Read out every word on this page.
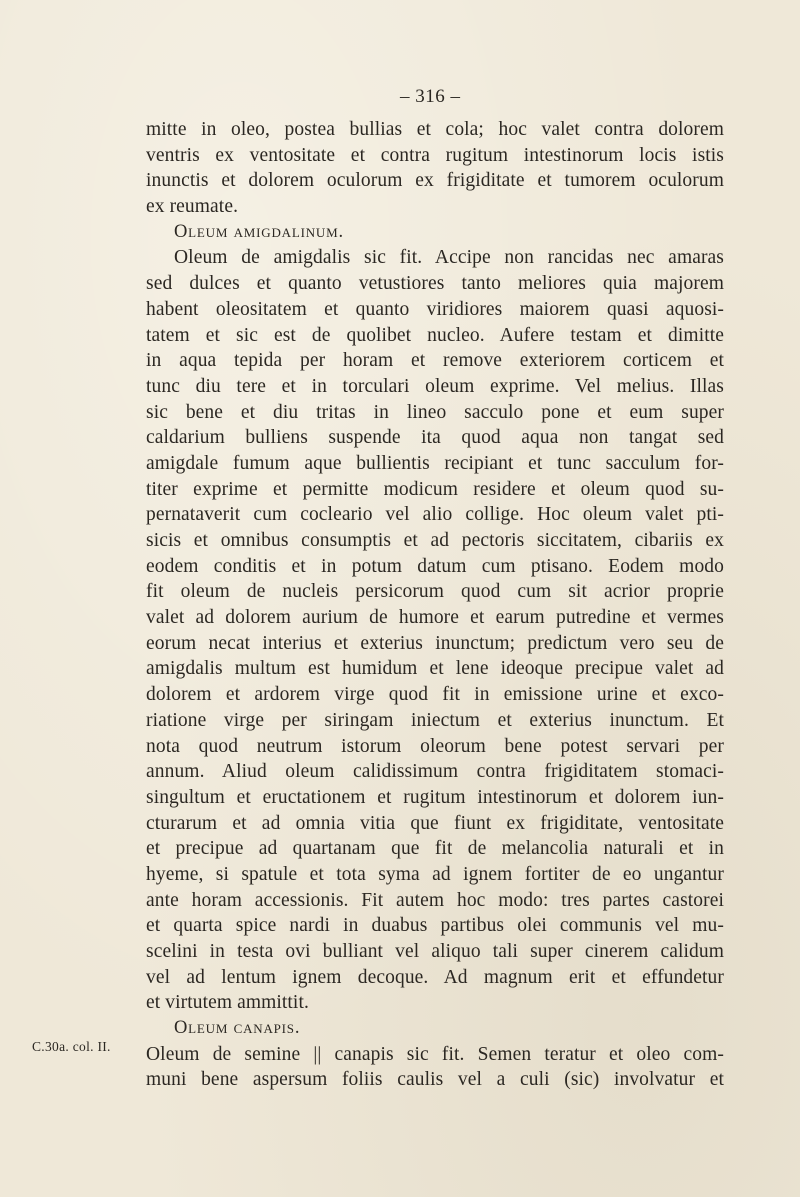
– 316 –
C.30a. col. II.
mitte in oleo, postea bullias et cola; hoc valet contra dolorem
ventris ex ventositate et contra rugitum intestinorum locis istis
inunctis et dolorem oculorum ex frigiditate et tumorem oculorum
ex reumate.
Oleum amigdalinum.
Oleum de amigdalis sic fit. Accipe non rancidas nec amaras
sed dulces et quanto vetustiores tanto meliores quia majorem
habent oleositatem et quanto viridiores maiorem quasi aquosi-
tatem et sic est de quolibet nucleo. Aufere testam et dimitte
in aqua tepida per horam et remove exteriorem corticem et
tunc diu tere et in torculari oleum exprime. Vel melius. Illas
sic bene et diu tritas in lineo sacculo pone et eum super
caldarium bulliens suspende ita quod aqua non tangat sed
amigdale fumum aque bullientis recipiant et tunc sacculum for-
titer exprime et permitte modicum residere et oleum quod su-
pernataverit cum cocleario vel alio collige. Hoc oleum valet pti-
sicis et omnibus consumptis et ad pectoris siccitatem, cibariis ex
eodem conditis et in potum datum cum ptisano. Eodem modo
fit oleum de nucleis persicorum quod cum sit acrior proprie
valet ad dolorem aurium de humore et earum putredine et vermes
eorum necat interius et exterius inunctum; predictum vero seu de
amigdalis multum est humidum et lene ideoque precipue valet ad
dolorem et ardorem virge quod fit in emissione urine et exco-
riatione virge per siringam iniectum et exterius inunctum. Et
nota quod neutrum istorum oleorum bene potest servari per
annum. Aliud oleum calidissimum contra frigiditatem stomaci-
singultum et eructationem et rugitum intestinorum et dolorem iun-
cturarum et ad omnia vitia que fiunt ex frigiditate, ventositate
et precipue ad quartanam que fit de melancolia naturali et in
hyeme, si spatule et tota syma ad ignem fortiter de eo ungantur
ante horam accessionis. Fit autem hoc modo: tres partes castorei
et quarta spice nardi in duabus partibus olei communis vel mu-
scelini in testa ovi bulliant vel aliquo tali super cinerem calidum
vel ad lentum ignem decoque. Ad magnum erit et effundetur
et virtutem ammittit.
Oleum canapis.
Oleum de semine || canapis sic fit. Semen teratur et oleo com-
muni bene aspersum foliis caulis vel a culi (sic) involvatur et
